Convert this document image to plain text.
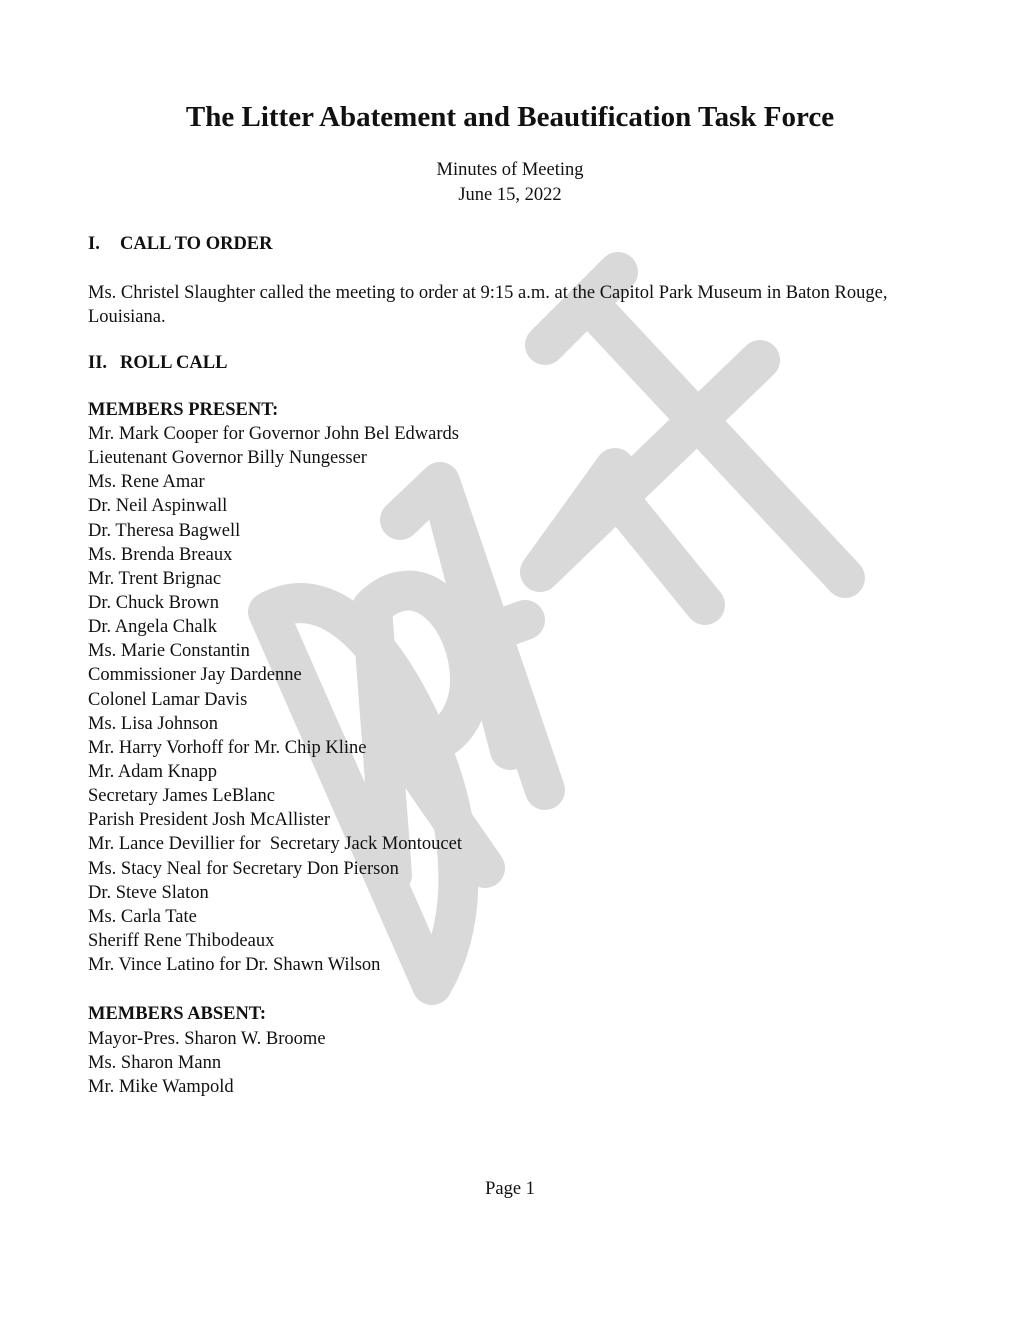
The Litter Abatement and Beautification Task Force

Minutes of Meeting

June 15, 2022

I. CALL TO ORDER

Ms. Christel Slaughter called the meeting to order at 9:15 a.m. at the Capitol Park Museum in Baton Rouge, Louisiana.

II. ROLL CALL
MEMBERS PRESENT:
Mr. Mark Cooper for Governor John Bel Edwards
Lieutenant Governor Billy Nungesser
Ms. Rene Amar
Dr. Neil Aspinwall
Dr. Theresa Bagwell
Ms. Brenda Breaux
Mr. Trent Brignac
Dr. Chuck Brown
Dr. Angela Chalk
Ms. Marie Constantin
Commissioner Jay Dardenne
Colonel Lamar Davis
Ms. Lisa Johnson
Mr. Harry Vorhoff for Mr. Chip Kline
Mr. Adam Knapp
Secretary James LeBlanc
Parish President Josh McAllister
Mr. Lance Devillier for  Secretary Jack Montoucet
Ms. Stacy Neal for Secretary Don Pierson
Dr. Steve Slaton
Ms. Carla Tate
Sheriff Rene Thibodeaux
Mr. Vince Latino for Dr. Shawn Wilson
MEMBERS ABSENT:
Mayor-Pres. Sharon W. Broome
Ms. Sharon Mann
Mr. Mike Wampold

Page 1
